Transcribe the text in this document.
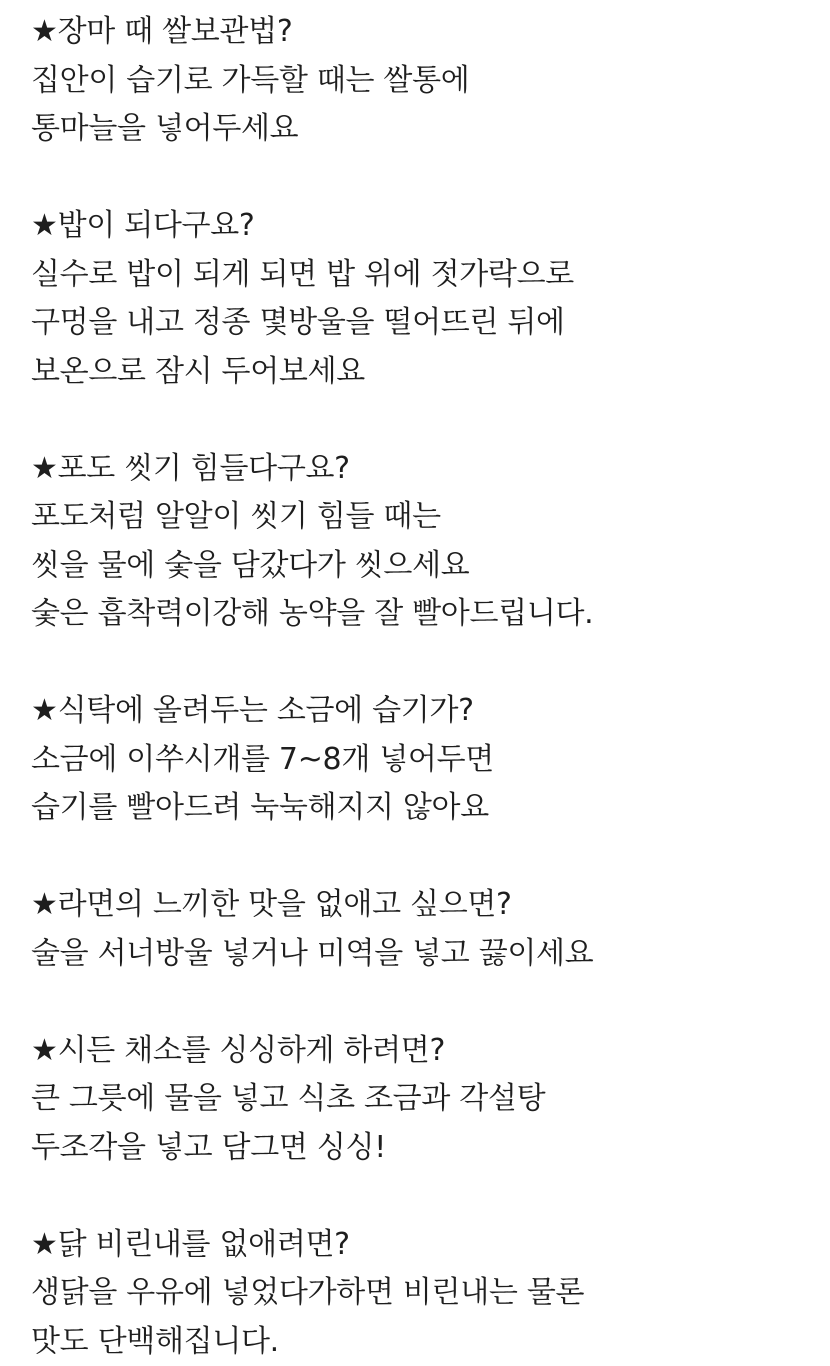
★장마 때 쌀보관법?
집안이 습기로 가득할 때는 쌀통에
통마늘을 넣어두세요
★밥이 되다구요?
실수로 밥이 되게 되면 밥 위에 젓가락으로
구멍을 내고 정종 몇방울을 떨어뜨린 뒤에
보온으로 잠시 두어보세요
★포도 씻기 힘들다구요?
포도처럼 알알이 씻기 힘들 때는
씻을 물에 숯을 담갔다가 씻으세요
숯은 흡착력이강해 농약을 잘 빨아드립니다.
★식탁에 올려두는 소금에 습기가?
소금에 이쑤시개를 7~8개 넣어두면
습기를 빨아드려 눅눅해지지 않아요
★라면의 느끼한 맛을 없애고 싶으면?
술을 서너방울 넣거나 미역을 넣고 끓이세요
★시든 채소를 싱싱하게 하려면?
큰 그릇에 물을 넣고 식초 조금과 각설탕
두조각을 넣고 담그면 싱싱!
★닭 비린내를 없애려면?
생닭을 우유에 넣었다가하면 비린내는 물론
맛도 단백해집니다.
